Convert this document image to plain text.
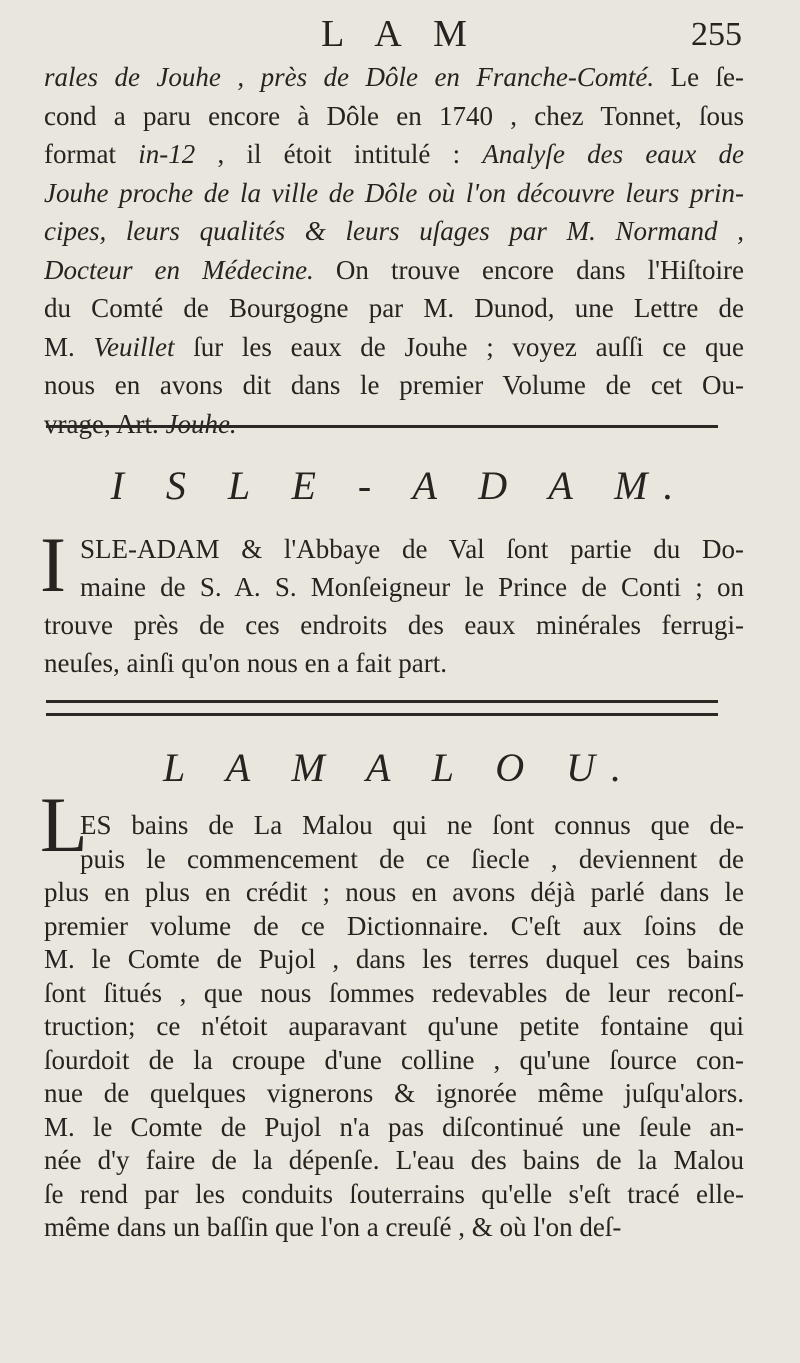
L A M	255
rales de Jouhe , près de Dôle en Franche-Comté. Le ſe-
cond a paru encore à Dôle en 1740 , chez Tonnet, ſous
format in-12 , il étoit intitulé : Analyſe des eaux de
Jouhe proche de la ville de Dôle où l'on découvre leurs prin-
cipes, leurs qualités & leurs uſages par M. Normand ,
Docteur en Médecine. On trouve encore dans l'Hiſtoire
du Comté de Bourgogne par M. Dunod, une Lettre de
M. Veuillet ſur les eaux de Jouhe ; voyez auſſi ce que
nous en avons dit dans le premier Volume de cet Ou-
vrage, Art. Jouhe.
I S L E - A D A M.
I SLE-ADAM & l'Abbaye de Val ſont partie du Do-
maine de S. A. S. Monſeigneur le Prince de Conti ; on
trouve près de ces endroits des eaux minérales ferrugi-
neuſes, ainſi qu'on nous en a fait part.
L A M A L O U.
L
ES bains de La Malou qui ne ſont connus que de-
puis le commencement de ce ſiecle , deviennent de
plus en plus en crédit ; nous en avons déjà parlé dans le
premier volume de ce Dictionnaire. C'eſt aux ſoins de
M. le Comte de Pujol , dans les terres duquel ces bains
ſont ſitués , que nous ſommes redevables de leur reconſ-
truction; ce n'étoit auparavant qu'une petite fontaine qui
ſourdoit de la croupe d'une colline , qu'une ſource con-
nue de quelques vignerons & ignorée même juſqu'alors.
M. le Comte de Pujol n'a pas diſcontinué une ſeule an-
née d'y faire de la dépenſe. L'eau des bains de la Malou
ſe rend par les conduits ſouterrains qu'elle s'eſt tracé elle-
même dans un baſſin que l'on a creuſé , & où l'on deſ-
